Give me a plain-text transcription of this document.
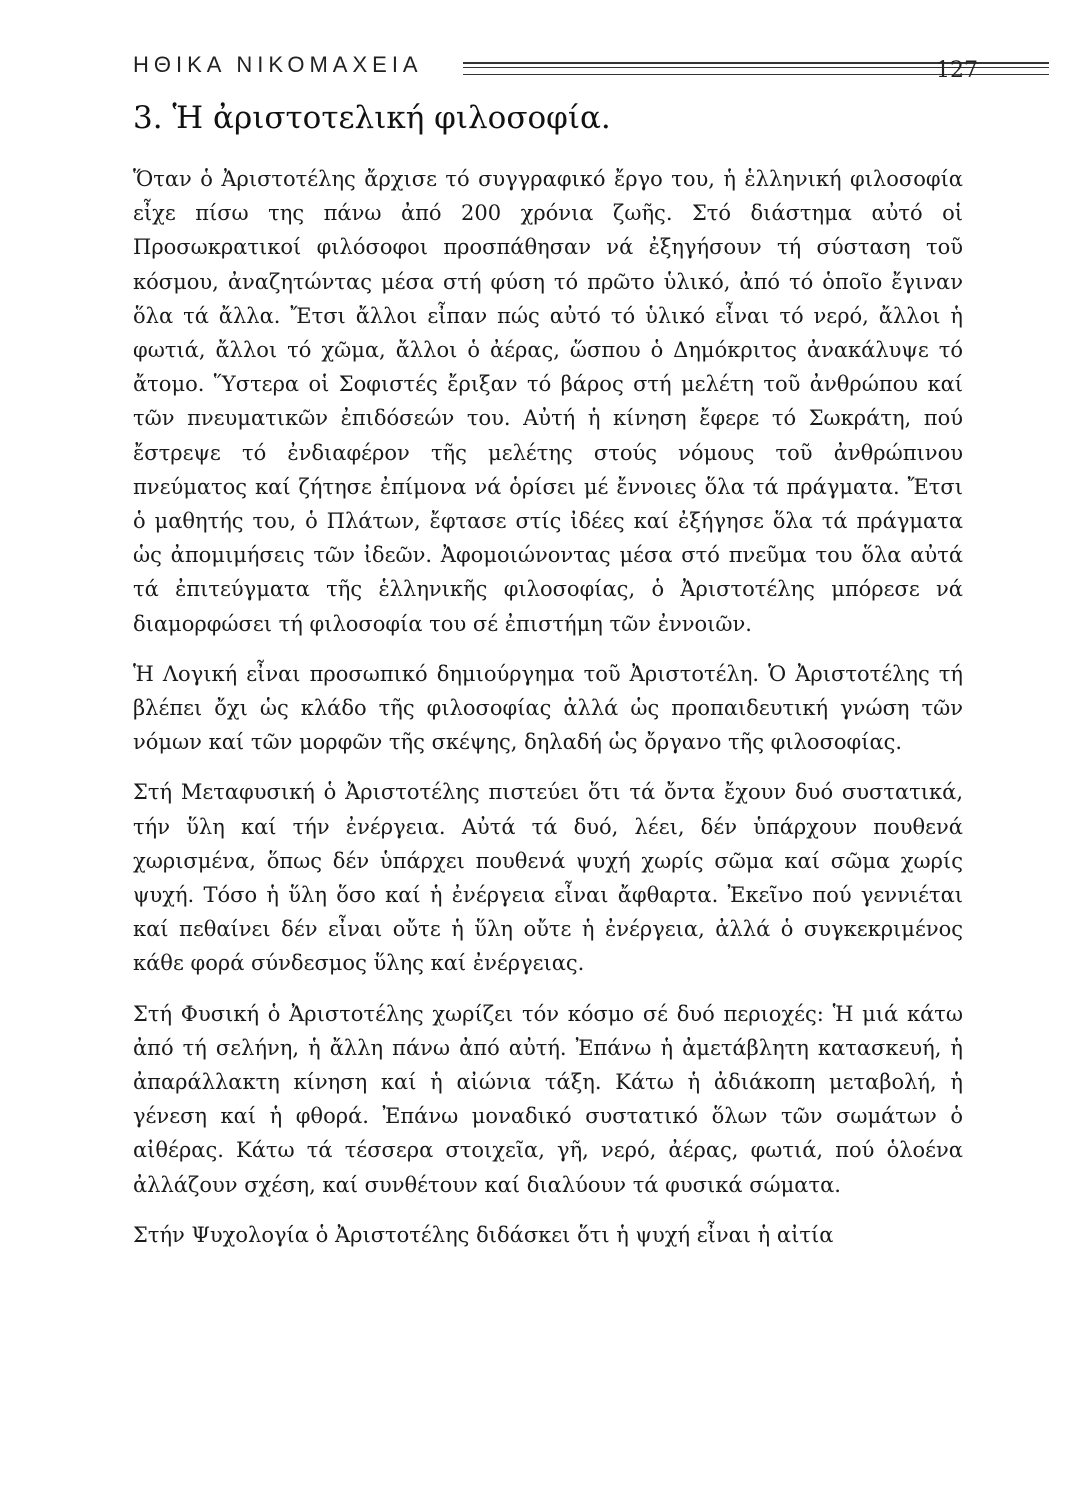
ΗΘΙΚΑ ΝΙΚΟΜΑΧΕΙΑ	127
3. Ἡ ἀριστοτελική φιλοσοφία.

Ὅταν ὁ Ἀριστοτέλης ἄρχισε τό συγγραφικό ἔργο του, ἡ ἑλληνική φιλοσοφία εἶχε πίσω της πάνω ἀπό 200 χρόνια ζωῆς. Στό διάστημα αὐτό οἱ Προσωκρατικοί φιλόσοφοι προσπάθησαν νά ἐξηγήσουν τή σύσταση τοῦ κόσμου, ἀναζητώντας μέσα στή φύση τό πρῶτο ὑλικό, ἀπό τό ὁποῖο ἔγιναν ὅλα τά ἄλλα. Ἔτσι ἄλλοι εἶπαν πώς αὐτό τό ὑλικό εἶναι τό νερό, ἄλλοι ἡ φωτιά, ἄλλοι τό χῶμα, ἄλλοι ὁ ἀέρας, ὥσπου ὁ Δημόκριτος ἀνακάλυψε τό ἄτομο. Ὕστερα οἱ Σοφιστές ἔριξαν τό βάρος στή μελέτη τοῦ ἀνθρώπου καί τῶν πνευματικῶν ἐπιδόσεών του. Αὐτή ἡ κίνηση ἔφερε τό Σωκράτη, πού ἔστρεψε τό ἐνδιαφέρον τῆς μελέτης στούς νόμους τοῦ ἀνθρώπινου πνεύματος καί ζήτησε ἐπίμονα νά ὁρίσει μέ ἔννοιες ὅλα τά πράγματα. Ἔτσι ὁ μαθητής του, ὁ Πλάτων, ἔφτασε στίς ἰδέες καί ἐξήγησε ὅλα τά πράγματα ὡς ἀπομιμήσεις τῶν ἰδεῶν. Ἀφομοιώνοντας μέσα στό πνεῦμα του ὅλα αὐτά τά ἐπιτεύγματα τῆς ἑλληνικῆς φιλοσοφίας, ὁ Ἀριστοτέλης μπόρεσε νά διαμορφώσει τή φιλοσοφία του σέ ἐπιστήμη τῶν ἐννοιῶν.

Ἡ Λογική εἶναι προσωπικό δημιούργημα τοῦ Ἀριστοτέλη. Ὁ Ἀριστοτέλης τή βλέπει ὄχι ὡς κλάδο τῆς φιλοσοφίας ἀλλά ὡς προπαιδευτική γνώση τῶν νόμων καί τῶν μορφῶν τῆς σκέψης, δηλαδή ὡς ὄργανο τῆς φιλοσοφίας.

Στή Μεταφυσική ὁ Ἀριστοτέλης πιστεύει ὅτι τά ὄντα ἔχουν δυό συστατικά, τήν ὕλη καί τήν ἐνέργεια. Αὐτά τά δυό, λέει, δέν ὑπάρχουν πουθενά χωρισμένα, ὅπως δέν ὑπάρχει πουθενά ψυχή χωρίς σῶμα καί σῶμα χωρίς ψυχή. Τόσο ἡ ὕλη ὅσο καί ἡ ἐνέργεια εἶναι ἄφθαρτα. Ἐκεῖνο πού γεννιέται καί πεθαίνει δέν εἶναι οὔτε ἡ ὕλη οὔτε ἡ ἐνέργεια, ἀλλά ὁ συγκεκριμένος κάθε φορά σύνδεσμος ὕλης καί ἐνέργειας.

Στή Φυσική ὁ Ἀριστοτέλης χωρίζει τόν κόσμο σέ δυό περιοχές: Ἡ μιά κάτω ἀπό τή σελήνη, ἡ ἄλλη πάνω ἀπό αὐτή. Ἐπάνω ἡ ἀμετάβλητη κατασκευή, ἡ ἀπαράλλακτη κίνηση καί ἡ αἰώνια τάξη. Κάτω ἡ ἀδιάκοπη μεταβολή, ἡ γένεση καί ἡ φθορά. Ἐπάνω μοναδικό συστατικό ὅλων τῶν σωμάτων ὁ αἰθέρας. Κάτω τά τέσσερα στοιχεῖα, γῆ, νερό, ἀέρας, φωτιά, πού ὁλοένα ἀλλάζουν σχέση, καί συνθέτουν καί διαλύουν τά φυσικά σώματα.

Στήν Ψυχολογία ὁ Ἀριστοτέλης διδάσκει ὅτι ἡ ψυχή εἶναι ἡ αἰτία
